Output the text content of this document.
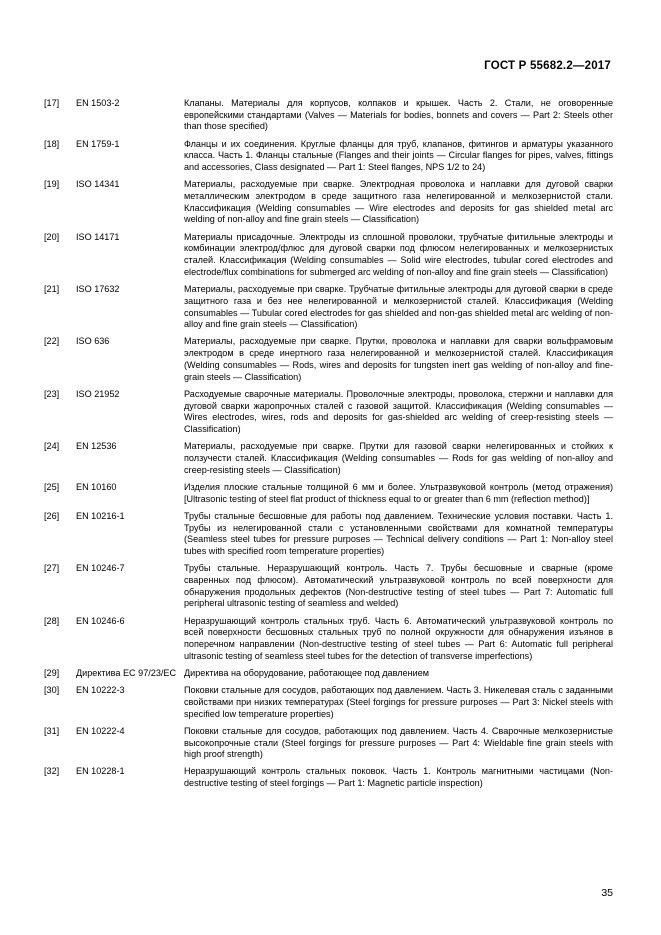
ГОСТ Р 55682.2—2017
[17]	EN 1503-2	Клапаны. Материалы для корпусов, колпаков и крышек. Часть 2. Стали, не оговоренные европейскими стандартами (Valves — Materials for bodies, bonnets and covers — Part 2: Steels other than those specified)
[18]	EN 1759-1	Фланцы и их соединения. Круглые фланцы для труб, клапанов, фитингов и арматуры указанного класса. Часть 1. Фланцы стальные (Flanges and their joints — Circular flanges for pipes, valves, fittings and accessories, Class designated — Part 1: Steel flanges, NPS 1/2 to 24)
[19]	ISO 14341	Материалы, расходуемые при сварке. Электродная проволока и наплавки для дуговой сварки металлическим электродом в среде защитного газа нелегированной и мелкозернистой стали. Классификация (Welding consumables — Wire electrodes and deposits for gas shielded metal arc welding of non-alloy and fine grain steels — Classification)
[20]	ISO 14171	Материалы присадочные. Электроды из сплошной проволоки, трубчатые фитильные электроды и комбинации электрод/флюс для дуговой сварки под флюсом нелегированных и мелкозернистых сталей. Классификация (Welding consumables — Solid wire electrodes, tubular cored electrodes and electrode/flux combinations for submerged arc welding of non-alloy and fine grain steels — Classification)
[21]	ISO 17632	Материалы, расходуемые при сварке. Трубчатые фитильные электроды для дуговой сварки в среде защитного газа и без нее нелегированной и мелкозернистой сталей. Классификация (Welding consumables — Tubular cored electrodes for gas shielded and non-gas shielded metal arc welding of non-alloy and fine grain steels — Classification)
[22]	ISO 636	Материалы, расходуемые при сварке. Прутки, проволока и наплавки для сварки вольфрамовым электродом в среде инертного газа нелегированной и мелкозернистой сталей. Классификация (Welding consumables — Rods, wires and deposits for tungsten inert gas welding of non-alloy and fine-grain steels — Classification)
[23]	ISO 21952	Расходуемые сварочные материалы. Проволочные электроды, проволока, стержни и наплавки для дуговой сварки жаропрочных сталей с газовой защитой. Классификация (Welding consumables — Wires electrodes, wires, rods and deposits for gas-shielded arc welding of creep-resisting steels — Classification)
[24]	EN 12536	Материалы, расходуемые при сварке. Прутки для газовой сварки нелегированных и стойких к ползучести сталей. Классификация (Welding consumables — Rods for gas welding of non-alloy and creep-resisting steels — Classification)
[25]	EN 10160	Изделия плоские стальные толщиной 6 мм и более. Ультразвуковой контроль (метод отражения) [Ultrasonic testing of steel flat product of thickness equal to or greater than 6 mm (reflection method)]
[26]	EN 10216-1	Трубы стальные бесшовные для работы под давлением. Технические условия поставки. Часть 1. Трубы из нелегированной стали с установленными свойствами для комнатной температуры (Seamless steel tubes for pressure purposes — Technical delivery conditions — Part 1: Non-alloy steel tubes with specified room temperature properties)
[27]	EN 10246-7	Трубы стальные. Неразрушающий контроль. Часть 7. Трубы бесшовные и сварные (кроме сваренных под флюсом). Автоматический ультразвуковой контроль по всей поверхности для обнаружения продольных дефектов (Non-destructive testing of steel tubes — Part 7: Automatic full peripheral ultrasonic testing of seamless and welded)
[28]	EN 10246-6	Неразрушающий контроль стальных труб. Часть 6. Автоматический ультразвуковой контроль по всей поверхности бесшовных стальных труб по полной окружности для обнаружения изъянов в поперечном направлении (Non-destructive testing of steel tubes — Part 6: Automatic full peripheral ultrasonic testing of seamless steel tubes for the detection of transverse imperfections)
[29]	Директива ЕС 97/23/ЕС	Директива на оборудование, работающее под давлением
[30]	EN 10222-3	Поковки стальные для сосудов, работающих под давлением. Часть 3. Никелевая сталь с заданными свойствами при низких температурах (Steel forgings for pressure purposes — Part 3: Nickel steels with specified low temperature properties)
[31]	EN 10222-4	Поковки стальные для сосудов, работающих под давлением. Часть 4. Сварочные мелкозернистые высокопрочные стали (Steel forgings for pressure purposes — Part 4: Wieldable fine grain steels with high proof strength)
[32]	EN 10228-1	Неразрушающий контроль стальных поковок. Часть 1. Контроль магнитными частицами (Non-destructive testing of steel forgings — Part 1: Magnetic particle inspection)
35
